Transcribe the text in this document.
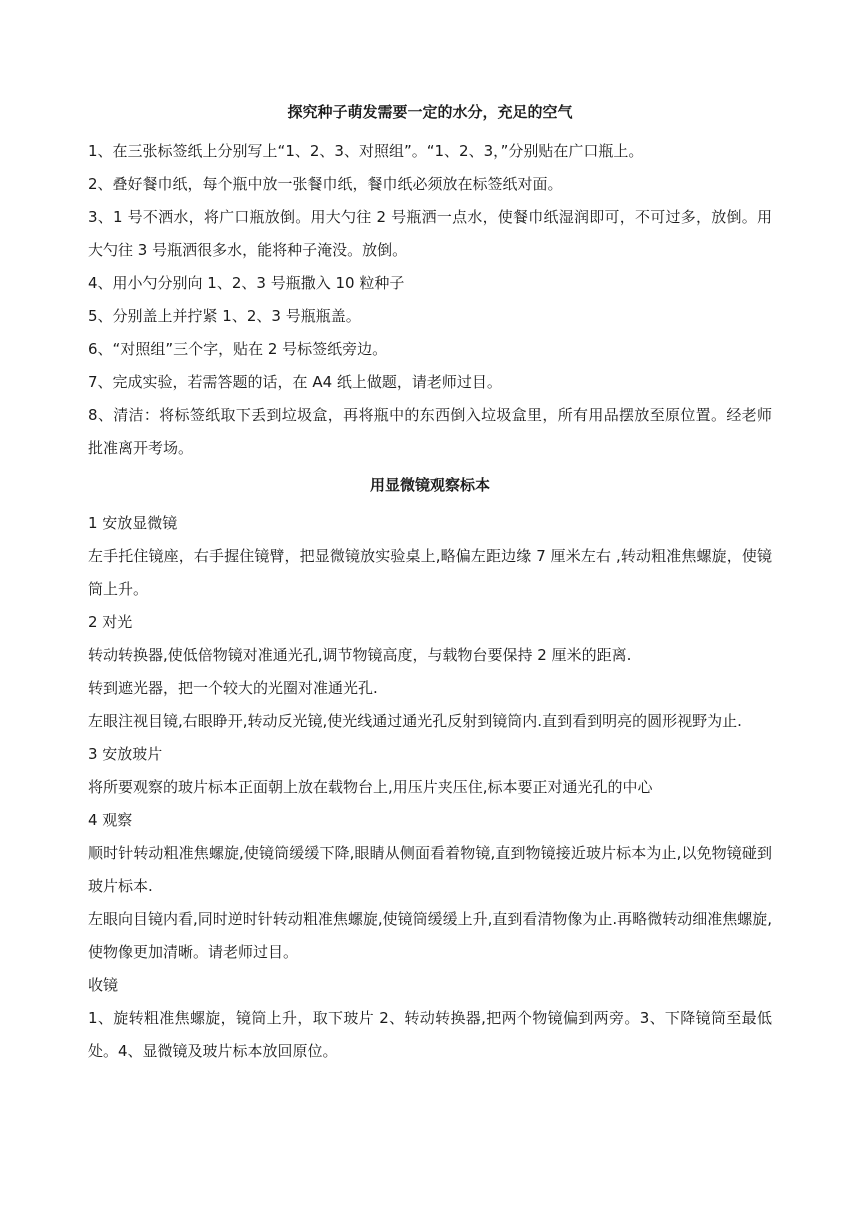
探究种子萌发需要一定的水分，充足的空气

1、在三张标签纸上分别写上“1、2、3、对照组”。“1、2、3，”分别贴在广口瓶上。

2、叠好餐巾纸，每个瓶中放一张餐巾纸，餐巾纸必须放在标签纸对面。

3、1 号不洒水，将广口瓶放倒。用大勺往 2 号瓶洒一点水，使餐巾纸湿润即可，不可过多，放倒。用大勺往 3 号瓶洒很多水，能将种子淹没。放倒。

4、用小勺分别向 1、2、3 号瓶撒入 10 粒种子

5、分别盖上并拧紧 1、2、3 号瓶瓶盖。

6、“对照组”三个字，贴在 2 号标签纸旁边。

7、完成实验，若需答题的话，在 A4 纸上做题，请老师过目。

8、清洁：将标签纸取下丢到垃圾盒，再将瓶中的东西倒入垃圾盒里，所有用品摆放至原位置。经老师批准离开考场。

用显微镜观察标本

1 安放显微镜

左手托住镜座，右手握住镜臂，把显微镜放实验桌上,略偏左距边缘 7 厘米左右 ,转动粗准焦螺旋，使镜筒上升。

2 对光

转动转换器,使低倍物镜对准通光孔,调节物镜高度，与载物台要保持 2 厘米的距离.

转到遮光器，把一个较大的光圈对准通光孔.

左眼注视目镜,右眼睁开,转动反光镜,使光线通过通光孔反射到镜筒内.直到看到明亮的圆形视野为止.

3 安放玻片

将所要观察的玻片标本正面朝上放在载物台上,用压片夹压住,标本要正对通光孔的中心

4 观察

顺时针转动粗准焦螺旋,使镜筒缓缓下降,眼睛从侧面看着物镜,直到物镜接近玻片标本为止,以免物镜碰到玻片标本.

左眼向目镜内看,同时逆时针转动粗准焦螺旋,使镜筒缓缓上升,直到看清物像为止.再略微转动细准焦螺旋,使物像更加清晰。请老师过目。

收镜

1、旋转粗准焦螺旋，镜筒上升，取下玻片 2、转动转换器,把两个物镜偏到两旁。3、下降镜筒至最低处。4、显微镜及玻片标本放回原位。
